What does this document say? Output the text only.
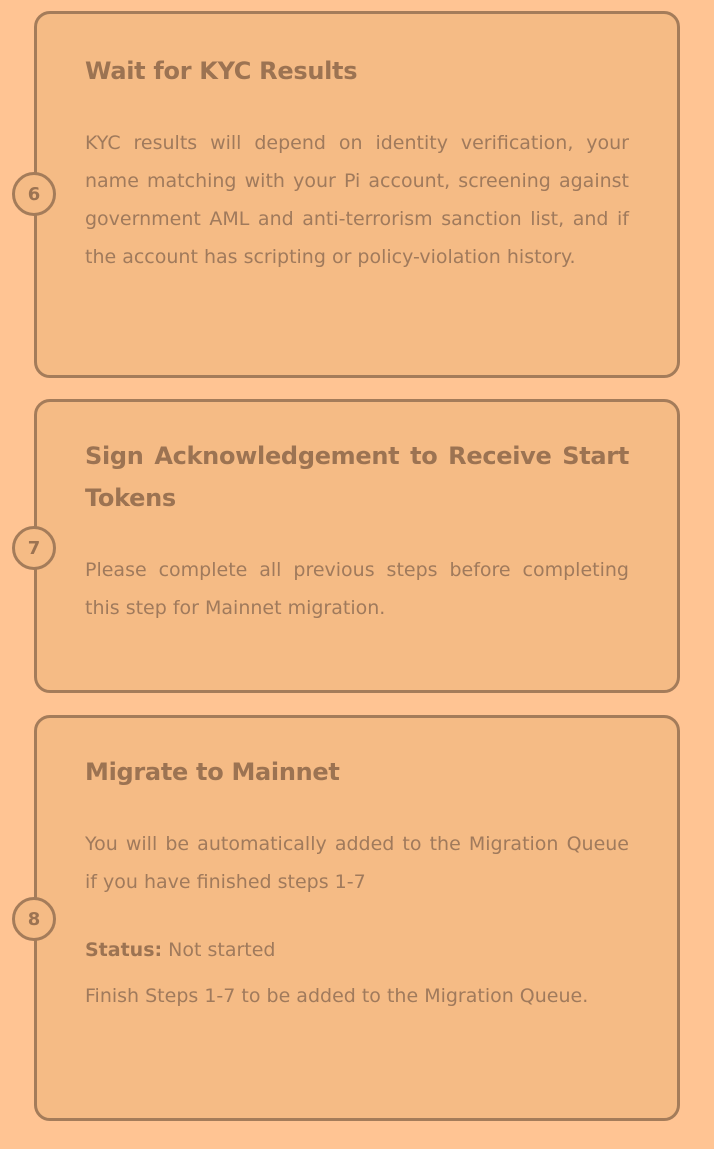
Wait for KYC Results

KYC results will depend on identity verification, your name matching with your Pi account, screening against government AML and anti-terrorism sanction list, and if the account has scripting or policy-violation history.

6
Sign Acknowledgement to Receive Start Tokens

Please complete all previous steps before completing this step for Mainnet migration.

7
Migrate to Mainnet

You will be automatically added to the Migration Queue if you have finished steps 1-7

Status: Not started

Finish Steps 1-7 to be added to the Migration Queue.

8
